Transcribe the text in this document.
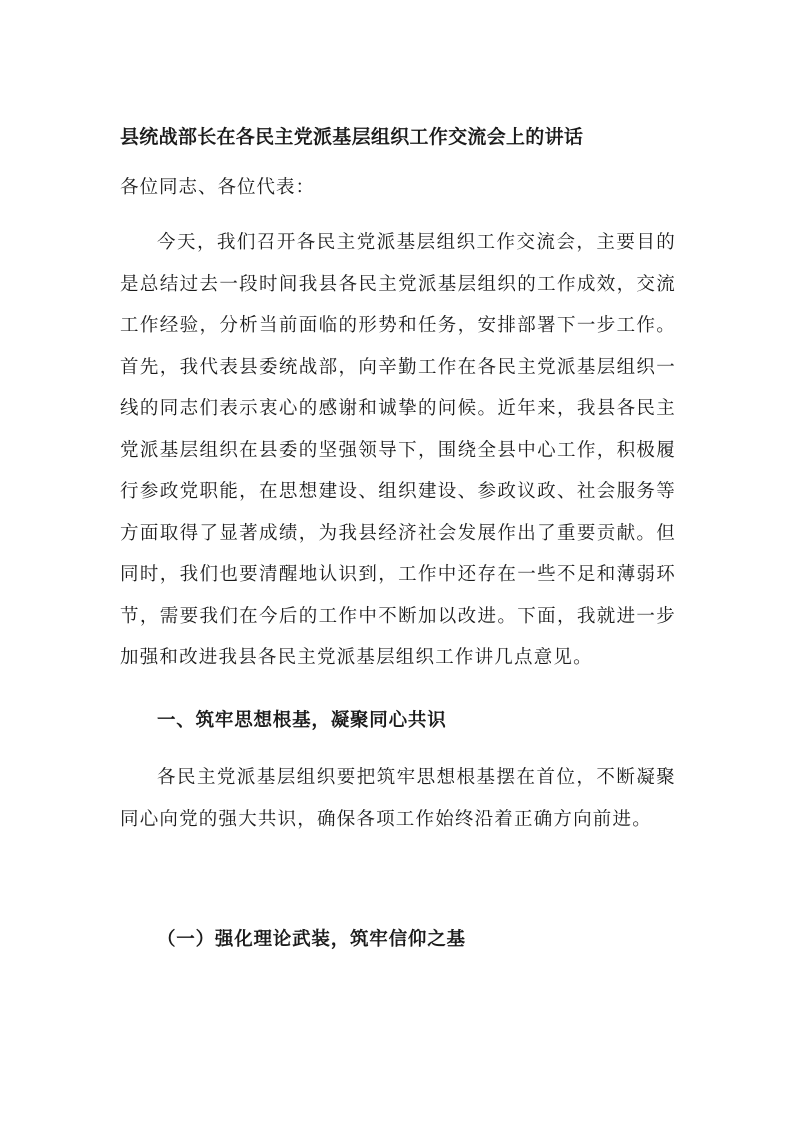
县统战部长在各民主党派基层组织工作交流会上的讲话
各位同志、各位代表：
今天，我们召开各民主党派基层组织工作交流会，主要目的是总结过去一段时间我县各民主党派基层组织的工作成效，交流工作经验，分析当前面临的形势和任务，安排部署下一步工作。首先，我代表县委统战部，向辛勤工作在各民主党派基层组织一线的同志们表示衷心的感谢和诚挚的问候。近年来，我县各民主党派基层组织在县委的坚强领导下，围绕全县中心工作，积极履行参政党职能，在思想建设、组织建设、参政议政、社会服务等方面取得了显著成绩，为我县经济社会发展作出了重要贡献。但同时，我们也要清醒地认识到，工作中还存在一些不足和薄弱环节，需要我们在今后的工作中不断加以改进。下面，我就进一步加强和改进我县各民主党派基层组织工作讲几点意见。
一、筑牢思想根基，凝聚同心共识
各民主党派基层组织要把筑牢思想根基摆在首位，不断凝聚同心向党的强大共识，确保各项工作始终沿着正确方向前进。
（一）强化理论武装，筑牢信仰之基
